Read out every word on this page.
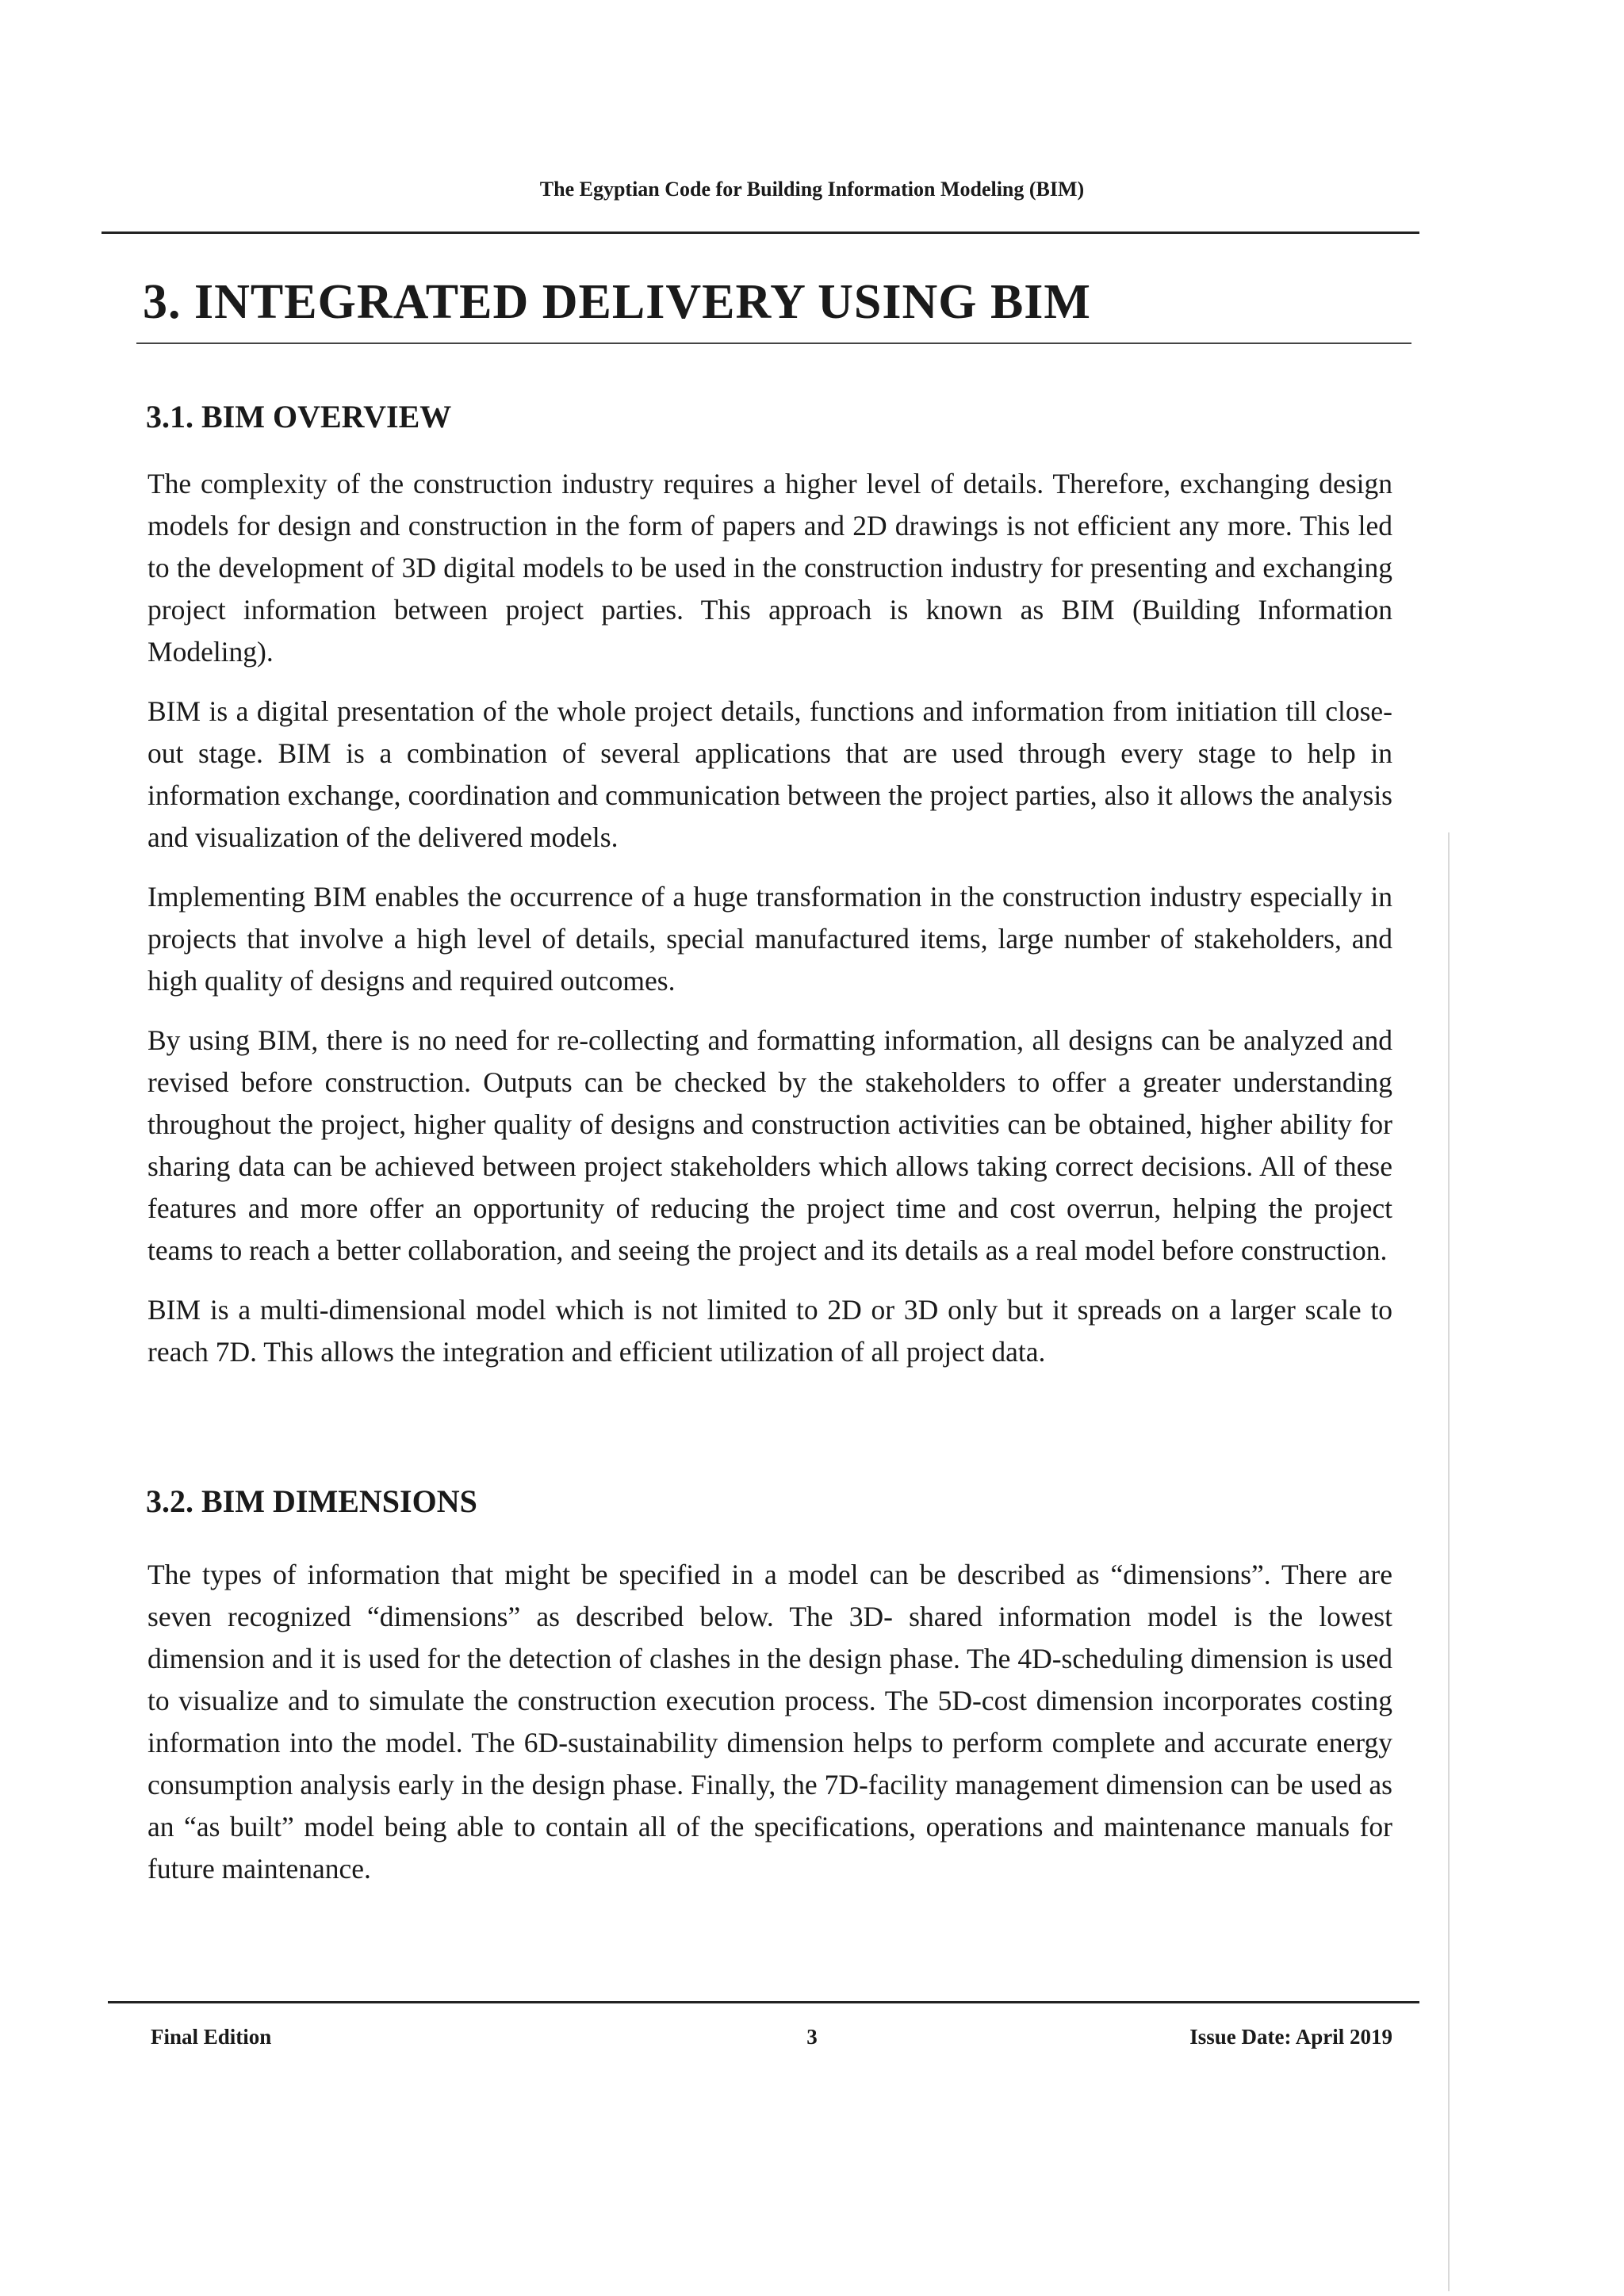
The Egyptian Code for Building Information Modeling (BIM)
3. INTEGRATED DELIVERY USING BIM
3.1. BIM OVERVIEW

The complexity of the construction industry requires a higher level of details. Therefore, exchanging design models for design and construction in the form of papers and 2D drawings is not efficient any more. This led to the development of 3D digital models to be used in the construction industry for presenting and exchanging project information between project parties. This approach is known as BIM (Building Information Modeling).

BIM is a digital presentation of the whole project details, functions and information from initiation till close-out stage. BIM is a combination of several applications that are used through every stage to help in information exchange, coordination and communication between the project parties, also it allows the analysis and visualization of the delivered models.

Implementing BIM enables the occurrence of a huge transformation in the construction industry especially in projects that involve a high level of details, special manufactured items, large number of stakeholders, and high quality of designs and required outcomes.

By using BIM, there is no need for re-collecting and formatting information, all designs can be analyzed and revised before construction. Outputs can be checked by the stakeholders to offer a greater understanding throughout the project, higher quality of designs and construction activities can be obtained, higher ability for sharing data can be achieved between project stakeholders which allows taking correct decisions. All of these features and more offer an opportunity of reducing the project time and cost overrun, helping the project teams to reach a better collaboration, and seeing the project and its details as a real model before construction.

BIM is a multi-dimensional model which is not limited to 2D or 3D only but it spreads on a larger scale to reach 7D. This allows the integration and efficient utilization of all project data.

3.2. BIM DIMENSIONS

The types of information that might be specified in a model can be described as “dimensions”. There are seven recognized “dimensions” as described below. The 3D- shared information model is the lowest dimension and it is used for the detection of clashes in the design phase. The 4D-scheduling dimension is used to visualize and to simulate the construction execution process. The 5D-cost dimension incorporates costing information into the model. The 6D-sustainability dimension helps to perform complete and accurate energy consumption analysis early in the design phase. Finally, the 7D-facility management dimension can be used as an “as built” model being able to contain all of the specifications, operations and maintenance manuals for future maintenance.

Final Edition	3	Issue Date: April 2019
